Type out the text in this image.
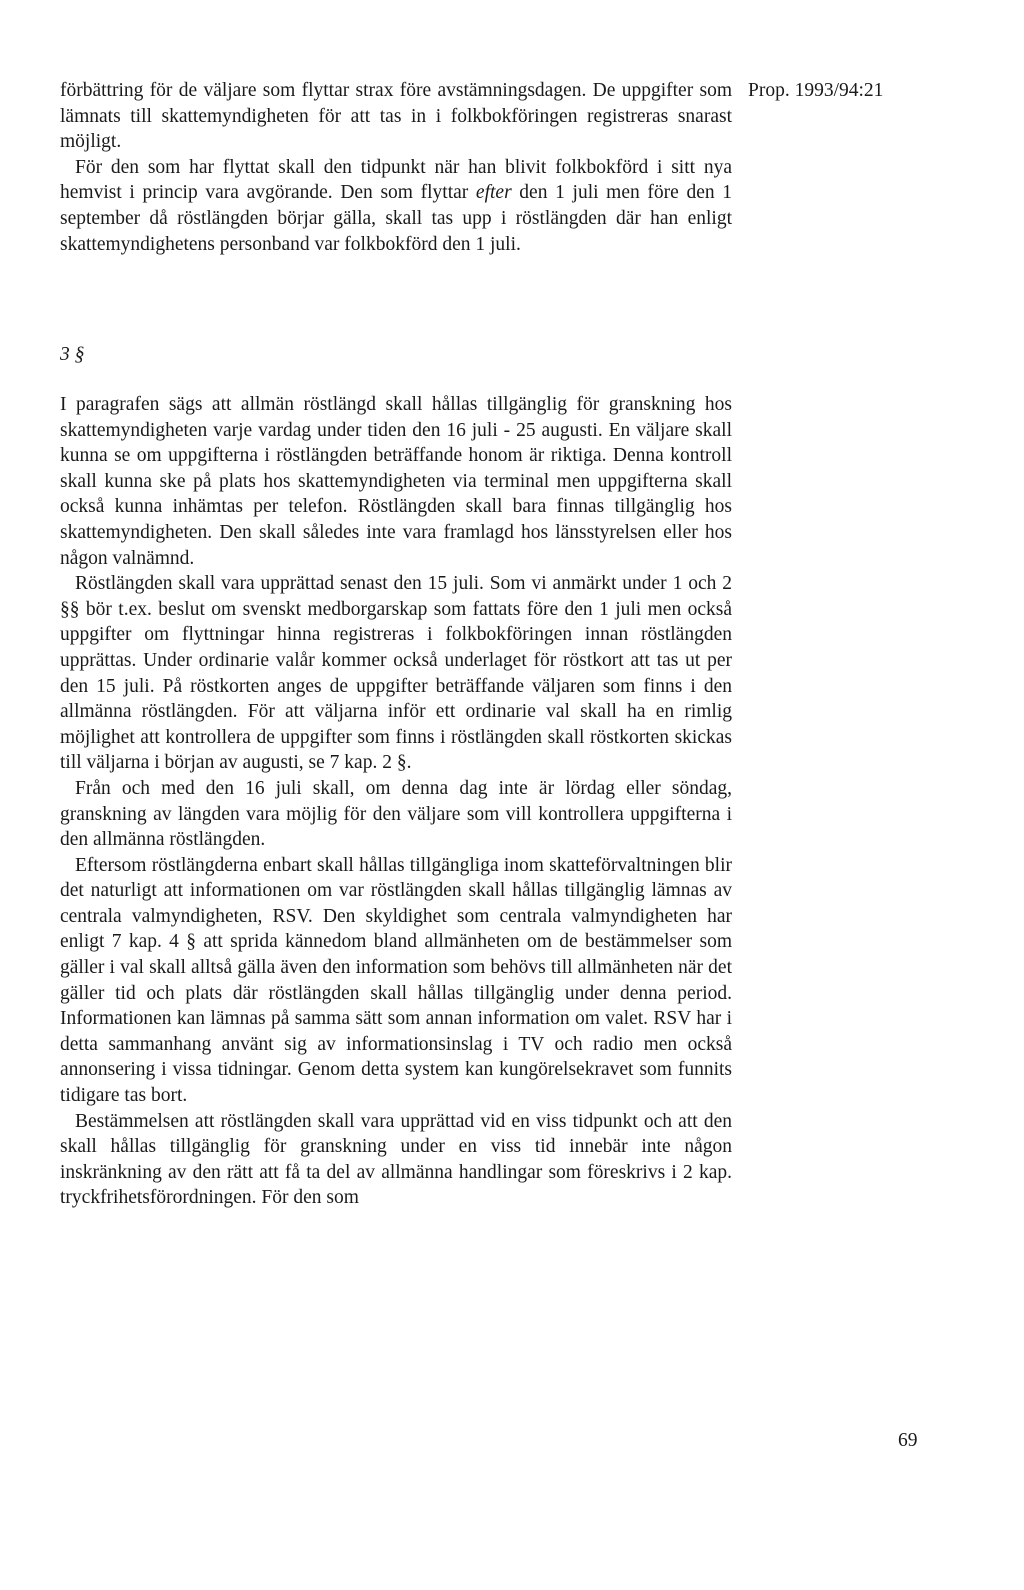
Prop. 1993/94:21

förbättring för de väljare som flyttar strax före avstämningsdagen. De uppgifter som lämnats till skattemyndigheten för att tas in i folkbokföringen registreras snarast möjligt.

För den som har flyttat skall den tidpunkt när han blivit folkbokförd i sitt nya hemvist i princip vara avgörande. Den som flyttar efter den 1 juli men före den 1 september då röstlängden börjar gälla, skall tas upp i röstlängden där han enligt skattemyndighetens personband var folkbokförd den 1 juli.

3 §

I paragrafen sägs att allmän röstlängd skall hållas tillgänglig för granskning hos skattemyndigheten varje vardag under tiden den 16 juli - 25 augusti. En väljare skall kunna se om uppgifterna i röstlängden beträffande honom är riktiga. Denna kontroll skall kunna ske på plats hos skattemyndigheten via terminal men uppgifterna skall också kunna inhämtas per telefon. Röstlängden skall bara finnas tillgänglig hos skattemyndigheten. Den skall således inte vara framlagd hos länsstyrelsen eller hos någon valnämnd.

Röstlängden skall vara upprättad senast den 15 juli. Som vi anmärkt under 1 och 2 §§ bör t.ex. beslut om svenskt medborgarskap som fattats före den 1 juli men också uppgifter om flyttningar hinna registreras i folkbokföringen innan röstlängden upprättas. Under ordinarie valår kommer också underlaget för röstkort att tas ut per den 15 juli. På röstkorten anges de uppgifter beträffande väljaren som finns i den allmänna röstlängden. För att väljarna inför ett ordinarie val skall ha en rimlig möjlighet att kontrollera de uppgifter som finns i röstlängden skall röstkorten skickas till väljarna i början av augusti, se 7 kap. 2 §.

Från och med den 16 juli skall, om denna dag inte är lördag eller söndag, granskning av längden vara möjlig för den väljare som vill kontrollera uppgifterna i den allmänna röstlängden.

Eftersom röstlängderna enbart skall hållas tillgängliga inom skatteförvaltningen blir det naturligt att informationen om var röstlängden skall hållas tillgänglig lämnas av centrala valmyndigheten, RSV. Den skyldighet som centrala valmyndigheten har enligt 7 kap. 4 § att sprida kännedom bland allmänheten om de bestämmelser som gäller i val skall alltså gälla även den information som behövs till allmänheten när det gäller tid och plats där röstlängden skall hållas tillgänglig under denna period. Informationen kan lämnas på samma sätt som annan information om valet. RSV har i detta sammanhang använt sig av informationsinslag i TV och radio men också annonsering i vissa tidningar. Genom detta system kan kungörelsekravet som funnits tidigare tas bort.

Bestämmelsen att röstlängden skall vara upprättad vid en viss tidpunkt och att den skall hållas tillgänglig för granskning under en viss tid innebär inte någon inskränkning av den rätt att få ta del av allmänna handlingar som föreskrivs i 2 kap. tryckfrihetsförordningen. För den som

69
